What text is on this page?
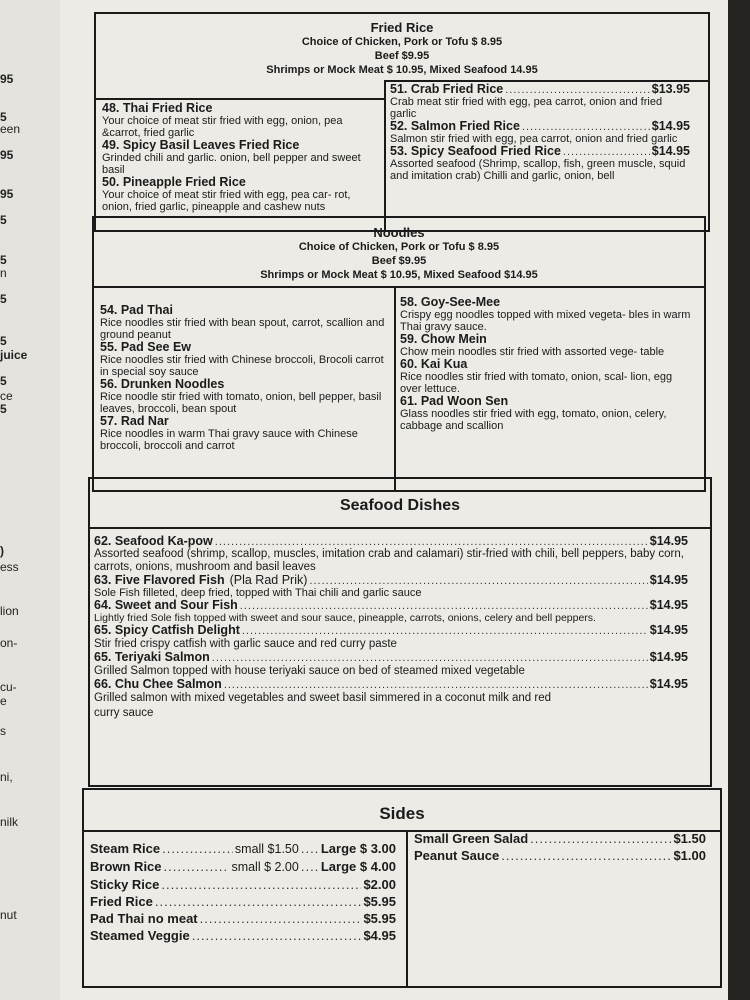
95
5
een
95
95
5
5
n
5
5
juice
5
ce
5
)
ess
lion
on-
cu-
e
s
ni,
nilk
nut
Fried Rice
Choice of Chicken, Pork or Tofu $ 8.95
Beef $9.95
Shrimps or Mock Meat $ 10.95, Mixed Seafood 14.95
48. Thai Fried Rice
Your choice of meat stir fried with egg, onion, pea &carrot, fried garlic
49. Spicy Basil Leaves Fried Rice
Grinded chili and garlic. onion, bell pepper and sweet basil
50. Pineapple Fried Rice
Your choice of meat stir fried with egg, pea car- rot, onion, fried garlic, pineapple and cashew nuts
51. Crab Fried Rice .....	$13.95
Crab meat stir fried with egg, pea carrot, onion and fried garlic
52. Salmon Fried Rice .....	$14.95
Salmon stir fried with egg, pea carrot, onion and fried garlic
53. Spicy Seafood Fried Rice .....	$14.95
Assorted seafood (Shrimp, scallop, fish, green muscle, squid and imitation crab) Chilli and garlic, onion, bell
Noodles
Choice of Chicken, Pork or Tofu $ 8.95
Beef $9.95
Shrimps or Mock Meat $ 10.95, Mixed Seafood $14.95
54. Pad Thai
Rice noodles stir fried with bean spout, carrot, scallion and ground peanut
55. Pad See Ew
Rice noodles stir fried with Chinese broccoli, Brocoli carrot in special soy sauce
56. Drunken Noodles
Rice noodle stir fried with tomato, onion, bell pepper, basil leaves, broccoli, bean spout
57. Rad Nar
Rice noodles in warm Thai gravy sauce with Chinese broccoli, broccoli and carrot
58. Goy-See-Mee
Crispy egg noodles topped with mixed vegeta- bles in warm Thai gravy sauce.
59. Chow Mein
Chow mein noodles stir fried with assorted vege- table
60. Kai Kua
Rice noodles stir fried with tomato, onion, scal- lion, egg over lettuce.
61. Pad Woon Sen
Glass noodles stir fried with egg, tomato, onion, celery, cabbage and scallion
Seafood Dishes
62. Seafood Ka-pow .....	$14.95
Assorted seafood (shrimp, scallop, muscles, imitation crab and calamari) stir-fried with chili, bell peppers, baby corn, carrots, onions, mushroom and basil leaves
63. Five Flavored Fish (Pla Rad Prik) .....	$14.95
Sole Fish filleted, deep fried, topped with Thai chili and garlic sauce
64. Sweet and Sour Fish .....	$14.95
Lightly fried Sole fish topped with sweet and sour sauce, pineapple, carrots, onions, celery and bell peppers.
65. Spicy Catfish Delight .....	$14.95
Stir fried crispy catfish with garlic sauce and red curry paste
65. Teriyaki Salmon .....	$14.95
Grilled Salmon topped with house teriyaki sauce on bed of steamed mixed vegetable
66. Chu Chee Salmon .....	$14.95
Grilled salmon with mixed vegetables and sweet basil simmered in a coconut milk and red curry sauce
Sides
Steam Rice .....	small $1.50 ..... Large $ 3.00
Brown Rice .....	small $ 2.00 ..... Large $ 4.00
Sticky Rice .....	$2.00
Fried Rice .....	$5.95
Pad Thai no meat .....	$5.95
Steamed Veggie .....	$4.95
Small Green Salad .....	$1.50
Peanut Sauce .....	$1.00
